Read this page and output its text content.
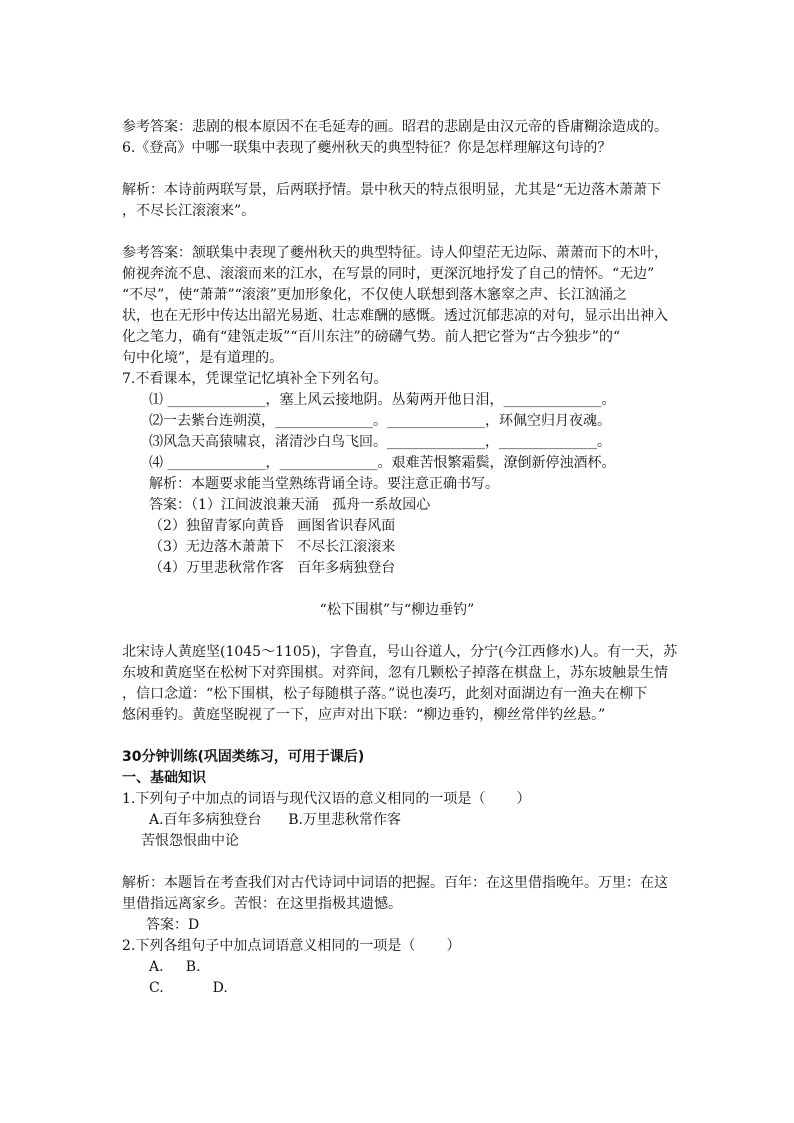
参考答案：悲剧的根本原因不在毛延寿的画。昭君的悲剧是由汉元帝的昏庸糊涂造成的。
6.《登高》中哪一联集中表现了夔州秋天的典型特征？你是怎样理解这句诗的？
解析：本诗前两联写景，后两联抒情。景中秋天的特点很明显，尤其是“无边落木萧萧下
，不尽长江滚滚来”。
参考答案：颔联集中表现了夔州秋天的典型特征。诗人仰望茫无边际、萧萧而下的木叶，
俯视奔流不息、滚滚而来的江水，在写景的同时，更深沉地抒发了自己的情怀。“无边”
“不尽”，使“萧萧”“滚滚”更加形象化，不仅使人联想到落木窸窣之声、长江汹涌之
状，也在无形中传达出韶光易逝、壮志难酬的感慨。透过沉郁悲凉的对句，显示出出神入
化之笔力，确有“建瓴走坂”“百川东注”的磅礴气势。前人把它誉为“古今独步”的“
句中化境”，是有道理的。
7.不看课本，凭课堂记忆填补全下列名句。
⑴ ______________，塞上风云接地阴。丛菊两开他日泪，______________。
⑵一去紫台连朔漠，______________。______________，环佩空归月夜魂。
⑶风急天高猿啸哀，渚清沙白鸟飞回。______________，______________。
⑷ ______________，______________。艰难苦恨繁霜鬓，潦倒新停浊酒杯。
解析：本题要求能当堂熟练背诵全诗。要注意正确书写。
答案：（1）江间波浪兼天涌   孤舟一系故园心
（2）独留青冢向黄昏   画图省识春风面
（3）无边落木萧萧下   不尽长江滚滚来
（4）万里悲秋常作客   百年多病独登台
“松下围棋”与“柳边垂钓”
北宋诗人黄庭坚(1045～1105)，字鲁直，号山谷道人，分宁(今江西修水)人。有一天，苏
东坡和黄庭坚在松树下对弈围棋。对弈间，忽有几颗松子掉落在棋盘上，苏东坡触景生情
，信口念道：“松下围棋，松子每随棋子落。”说也凑巧，此刻对面湖边有一渔夫在柳下
悠闲垂钓。黄庭坚睨视了一下，应声对出下联：“柳边垂钓，柳丝常伴钓丝悬。”
30分钟训练(巩固类练习，可用于课后)
一、基础知识
1.下列句子中加点的词语与现代汉语的意义相同的一项是（       ）
A.百年多病独登台      B.万里悲秋常作客
苦恨怨恨曲中论
解析：本题旨在考查我们对古代诗词中词语的把握。百年：在这里借指晚年。万里：在这
里借指远离家乡。苦恨：在这里指极其遗憾。
答案：D
2.下列各组句子中加点词语意义相同的一项是（       ）
A.     B.
C.           D.
